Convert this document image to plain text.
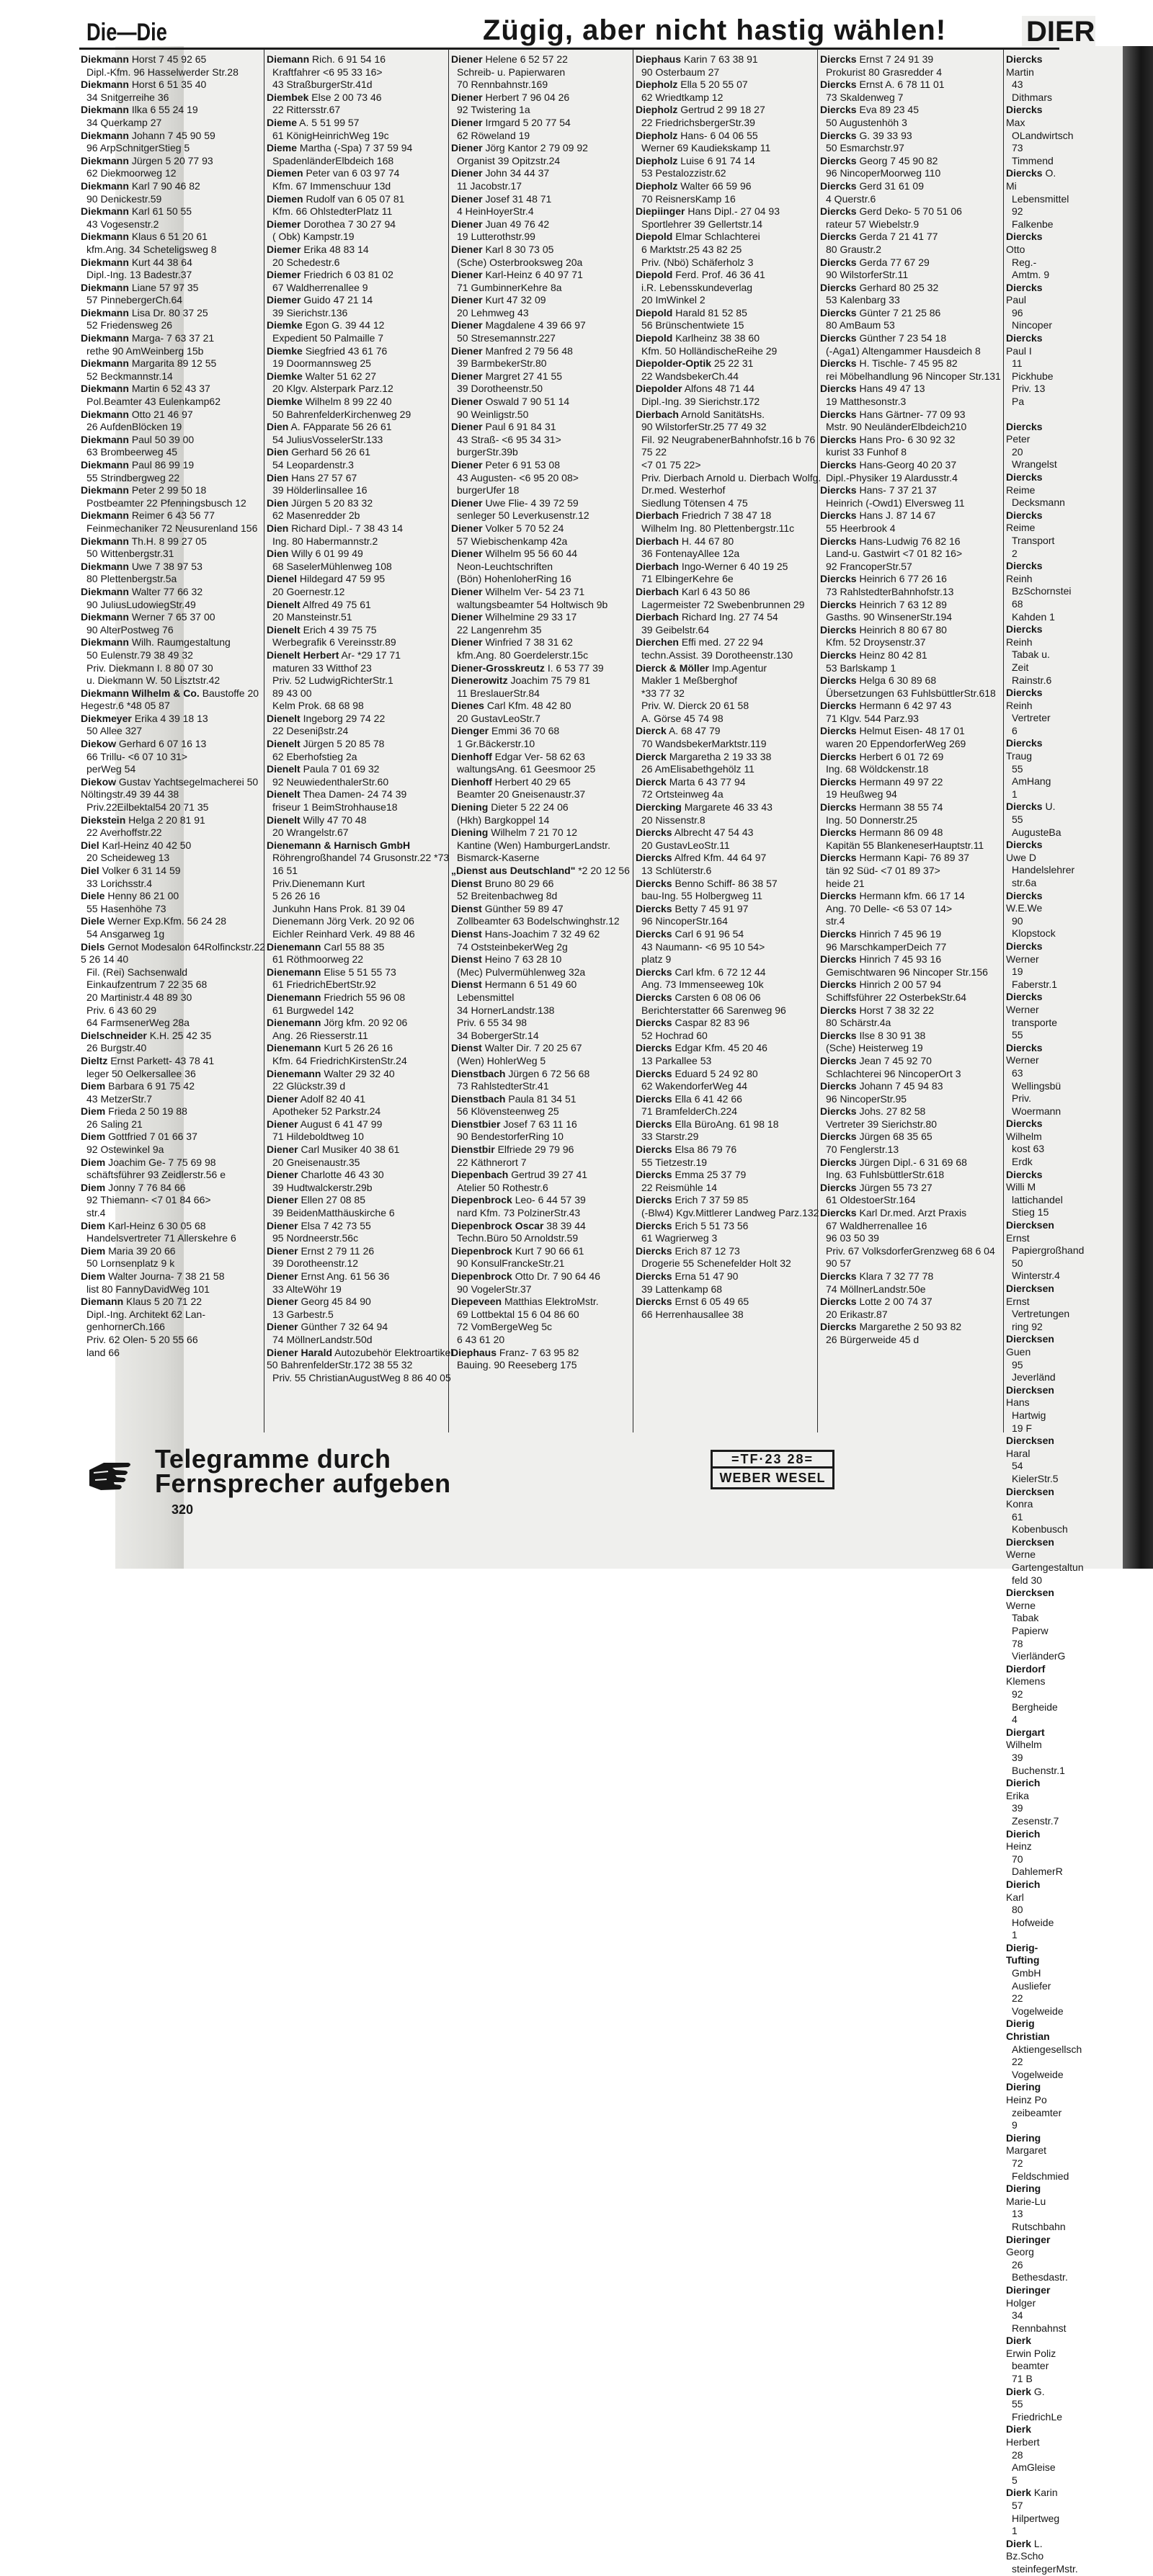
Die—Die	Zügig, aber nicht hastig wählen!	DIER
Diekmann Horst 7 45 92 65
Dipl.-Kfm. 96 Hasselwerder Str.28
Diekmann Horst 6 51 35 40
34 Snitgerreihe 36
Diekmann Ilka 6 55 24 19
34 Querkamp 27
Diekmann Johann 7 45 90 59
96 ArpSchnitgerStieg 5
Diekmann Jürgen 5 20 77 93
62 Diekmoorweg 12
Diekmann Karl 7 90 46 82
90 Denickestr.59
Diekmann Karl 61 50 55
43 Vogesenstr.2
Diekmann Klaus 6 51 20 61
kfm.Ang. 34 Scheteligsweg 8
Diekmann Kurt 44 38 64
Dipl.-Ing. 13 Badestr.37
Diekmann Liane 57 97 35
57 PinnebergerCh.64
Diekmann Lisa Dr. 80 37 25
52 Friedensweg 26
Diekmann Marga- 7 63 37 21
rethe 90 AmWeinberg 15b
Diekmann Margarita 89 12 55
52 Beckmannstr.14
Diekmann Martin 6 52 43 37
Pol.Beamter 43 Eulenkamp62
Diekmann Otto 21 46 97
26 AufdenBlöcken 19
Diekmann Paul 50 39 00
63 Brombeerweg 45
Diekmann Paul 86 99 19
55 Strindbergweg 22
Diekmann Peter 2 99 50 18
Postbeamter 22 Pfenningsbusch 12
Diekmann Reimer 6 43 56 77
Feinmechaniker 72 Neusurenland 156
Diekmann Th.H. 8 99 27 05
50 Wittenbergstr.31
Diekmann Uwe 7 38 97 53
80 Plettenbergstr.5a
Diekmann Walter 77 66 32
90 JuliusLudowiegStr.49
Diekmann Werner 7 65 37 00
90 AlterPostweg 76
Diekmann Wilh. Raumgestaltung
50 Eulenstr.79 38 49 32
Priv. Diekmann I. 8 80 07 30
u. Diekmann W. 50 Lisztstr.42
Diekmann Wilhelm & Co. Baustoffe 20 Hegestr.6 *48 05 87
Diekmeyer Erika 4 39 18 13
50 Allee 327
Diekow Gerhard 6 07 16 13
66 Trillu- <6 07 10 31>
perWeg 54
Diekow Gustav Yachtsegelmacherei 50 Nöltingstr.49 39 44 38
Priv.22Eilbektal54 20 71 35
Diekstein Helga 2 20 81 91
22 Averhoffstr.22
Diel Karl-Heinz 40 42 50
20 Scheideweg 13
Diel Volker 6 31 14 59
33 Lorichsstr.4
Diele Henny 86 21 00
55 Hasenhöhe 73
Diele Werner Exp.Kfm. 56 24 28
54 Ansgarweg 1g
Diels Gernot Modesalon 64Rolfinckstr.22 5 26 14 40
Fil. (Rei) Sachsenwald
Einkaufzentrum 7 22 35 68
20 Martinistr.4 48 89 30
Priv. 6 43 60 29
64 FarmsenerWeg 28a
Dielschneider K.H. 25 42 35
26 Burgstr.40
Dieltz Ernst Parkett- 43 78 41
leger 50 Oelkersallee 36
Diem Barbara 6 91 75 42
43 MetzerStr.7
Diem Frieda 2 50 19 88
26 Saling 21
Diem Gottfried 7 01 66 37
92 Ostewinkel 9a
Diem Joachim Ge- 7 75 69 98
schäftsführer 93 Zeidlerstr.56 e
Diem Jonny 7 76 84 66
92 Thiemann- <7 01 84 66>
str.4
Diem Karl-Heinz 6 30 05 68
Handelsvertreter 71 Allerskehre 6
Diem Maria 39 20 66
50 Lornsenplatz 9 k
Diem Walter Journa- 7 38 21 58
list 80 FannyDavidWeg 101
Diemann Klaus 5 20 71 22
Dipl.-Ing. Architekt 62 LangenhornerCh.166
Priv. 62 Olen- 5 20 55 66
land 66
Diemann Rich. 6 91 54 16
Kraftfahrer <6 95 33 16>
43 StraßburgerStr.41d
Diembek Else 2 00 73 46
22 Rittersstr.67
Dieme A. 5 51 99 57
61 KönigHeinrichWeg 19c
Dieme Martha (-Spa) 7 37 59 94
SpadenländerElbdeich 168
Diemen Peter van 6 03 97 74
Kfm. 67 Immenschuur 13d
Diemen Rudolf van 6 05 07 81
Kfm. 66 OhlstedterPlatz 11
Diemer Dorothea 7 30 27 94
( Obk) Kampstr.19
Diemer Erika 48 83 14
20 Schedestr.6
Diemer Friedrich 6 03 81 02
67 Waldherrenallee 9
Diemer Guido 47 21 14
39 Sierichstr.136
Diemke Egon G. 39 44 12
Expedient 50 Palmaille 7
Diemke Siegfried 43 61 76
19 Doormannsweg 25
Diemke Walter 51 62 27
20 Klgv. Alsterpark Parz.12
Diemke Wilhelm 8 99 22 40
50 BahrenfelderKirchenweg 29
Dien A. FApparate 56 26 61
54 JuliusVosselerStr.133
Dien Gerhard 56 26 61
54 Leopardenstr.3
Dien Hans 27 57 67
39 HölderlinsalIee 16
Dien Jürgen 5 20 83 32
62 Masenredder 2b
Dien Richard Dipl.- 7 38 43 14
Ing. 80 Habermannstr.2
Dien Willy 6 01 99 49
68 SaselerMühlenweg 108
Dienel Hildegard 47 59 95
20 Goernestr.12
Dienelt Alfred 49 75 61
20 Mansteinstr.51
Dienelt Erich 4 39 75 75
Werbegrafik 6 Vereinsstr.89
Dienelt Herbert Ar- *29 17 71
maturen 33 Witthof 23
Priv. 52 LudwigRichterStr.1
89 43 00
Kelm Prok. 68 68 98
Dienelt Ingeborg 29 74 22
22 Deseniβstr.24
Dienelt Jürgen 5 20 85 78
62 Eberhofstieg 2a
Dienelt Paula 7 01 69 32
92 NeuwiedenthalerStr.60
Dienelt Thea Damen- 24 74 39
friseur 1 BeimStrohhause18
Dienelt Willy 47 70 48
20 Wrangelstr.67
Dienemann & Harnisch GmbH
Röhrengroßhandel 74 Grusonstr.22 *73 16 51
Priv.Dienemann Kurt
5 26 26 16
Junkuhn Hans Prok. 81 39 04
Dienemann Jörg Verk. 20 92 06
Eichler Reinhard Verk. 49 88 46
Dienemann Carl 55 88 35
61 Röthmoorweg 22
Dienemann Elise 5 51 55 73
61 FriedrichEbertStr.92
Dienemann Friedrich 55 96 08
61 Burgwedel 142
Dienemann Jörg kfm. 20 92 06
Ang. 26 Riesserstr.11
Dienemann Kurt 5 26 26 16
Kfm. 64 FriedrichKirstenStr.24
Dienemann Walter 29 32 40
22 Glückstr.39 d
Diener Adolf 82 40 41
Apotheker 52 Parkstr.24
Diener August 6 41 47 99
71 Hildeboldtweg 10
Diener Carl Musiker 40 38 61
20 Gneisenaustr.35
Diener Charlotte 46 43 30
39 Hudtwalckerstr.29b
Diener Ellen 27 08 85
39 BeidenMatthäuskirche 6
Diener Elsa 7 42 73 55
95 Nordneerstr.56c
Diener Ernst 2 79 11 26
39 Dorotheenstr.12
Diener Ernst Ang. 61 56 36
33 AlteWöhr 19
Diener Georg 45 84 90
13 Garbestr.5
Diener Günther 7 32 64 94
74 MöllnerLandstr.50d
Diener Harald Autozubehör Elektroartikel 50 BahrenfelderStr.172 38 55 32
Priv. 55 ChristianAugustWeg 8 86 40 05
Diener Helene 6 52 57 22
Schreib- u. Papierwaren
70 Rennbahnstr.169
Diener Herbert 7 96 04 26
92 Twistering 1a
Diener Irmgard 5 20 77 54
62 Röweland 19
Diener Jörg Kantor 2 79 09 92
Organist 39 Opitzstr.24
Diener John 34 44 37
11 Jacobstr.17
Diener Josef 31 48 71
4 HeinHoyerStr.4
Diener Juan 49 76 42
19 Lutterothstr.99
Diener Karl 8 30 73 05
(Sche) Osterbrooksweg 20a
Diener Karl-Heinz 6 40 97 71
71 GumbinnerKehre 8a
Diener Kurt 47 32 09
20 Lehmweg 43
Diener Magdalene 4 39 66 97
50 Stresemannstr.227
Diener Manfred 2 79 56 48
39 BarmbekerStr.80
Diener Margret 27 41 55
39 Dorotheenstr.50
Diener Oswald 7 90 51 14
90 Weinligstr.50
Diener Paul 6 91 84 31
43 Straß- <6 95 34 31>
burgerStr.39b
Diener Peter 6 91 53 08
43 Augusten- <6 95 20 08>
burgerUfer 18
Diener Uwe Flie- 4 39 72 59
senleger 50 Leverkusenstr.12
Diener Volker 5 70 52 24
57 Wiebischenkamp 42a
Diener Wilhelm 95 56 60 44
Neon-Leuchtschriften
(Bön) HohenloherRing 16
Diener Wilhelm Ver- 54 23 71
waltungsbeamter 54 Holtwisch 9b
Diener Wilhelmine 29 33 17
22 Langenrehm 35
Diener Winfried 7 38 31 62
kfm.Ang. 80 Goerdelerstr.15c
Diener-Grosskreutz I. 6 53 77 39
Dienerowitz Joachim 75 79 81
11 BreslauerStr.84
Dienes Carl Kfm. 48 42 80
20 GustavLeoStr.7
Dienger Emmi 36 70 68
1 Gr.Bäckerstr.10
Dienhoff Edgar Ver- 58 62 63
waltungsAng. 61 Geesmoor 25
Dienhoff Herbert 40 29 65
Beamter 20 Gneisenaustr.37
Diening Dieter 5 22 24 06
(Hkh) Bargkoppel 14
Diening Wilhelm 7 21 70 12
Kantine (Wen) HamburgerLandstr. Bismarck-Kaserne
„Dienst aus Deutschland" *2 20 12 56
Dienst Bruno 80 29 66
52 Breitenbachweg 8d
Dienst Günther 59 89 47
Zollbeamter 63 Bodelschwinghstr.12
Dienst Hans-Joachim 7 32 49 62
74 OststeinbekerWeg 2g
Dienst Heino 7 63 28 10
(Mec) Pulvermühlenweg 32a
Dienst Hermann 6 51 49 60
Lebensmittel
34 HornerLandstr.138
Priv. 6 55 34 98
34 BobergerStr.14
Dienst Walter Dir. 7 20 25 67
(Wen) HohlerWeg 5
Dienstbach Jürgen 6 72 56 68
73 RahlstedterStr.41
Dienstbach Paula 81 34 51
56 Klövensteenweg 25
Dienstbier Josef 7 63 11 16
90 BendestorferRing 10
Dienstbir Elfriede 29 79 96
22 Käthnerort 7
Diepenbach Gertrud 39 27 41
Atelier 50 Rothestr.6
Diepenbrock Leo- 6 44 57 39
nard Kfm. 73 PolzinerStr.43
Diepenbrock Oscar 38 39 44
Techn.Büro 50 Arnoldstr.59
Diepenbrock Kurt 7 90 66 61
90 KonsulFranckeStr.21
Diepenbrock Otto Dr. 7 90 64 46
90 VogelerStr.37
Diepeveen Matthias ElektroMstr.
69 Lottbektal 15 6 04 86 60
72 VomBergeWeg 5c
6 43 61 20
Diephaus Franz- 7 63 95 82
Bauing. 90 Reeseberg 175
Diephaus Karin 7 63 38 91
90 Osterbaum 27
Diepholz Ella 5 20 55 07
62 Wriedtkamp 12
Diepholz Gertrud 2 99 18 27
22 FriedrichsbergerStr.39
Diepholz Hans- 6 04 06 55
Werner 69 Kaudiekskamp 11
Diepholz Luise 6 91 74 14
53 Pestalozzistr.62
Diepholz Walter 66 59 96
70 ReisnersKamp 16
Diepiinger Hans Dipl.- 27 04 93
Sportlehrer 39 Gellertstr.14
Diepold Elmar Schlachterei
6 Marktstr.25 43 82 25
Priv. (Nbö) Schäferholz 3
Diepold Ferd. Prof. 46 36 41
i.R. Lebensskundeverlag
20 ImWinkel 2
Diepold Harald 81 52 85
56 Brünschentwiete 15
Diepold Karlheinz 38 38 60
Kfm. 50 HolländischeReihe 29
Diepolder-Optik 25 22 31
22 WandsbekerCh.44
Diepolder Alfons 48 71 44
Dipl.-Ing. 39 Sierichstr.172
Dierbach Arnold SanitätsHs.
90 WilstorferStr.25 77 49 32
Fil. 92 NeugrabenerBahnhofstr.16 b 76 75 22
<7 01 75 22>
Priv. Dierbach Arnold u. Dierbach Wolfg. Dr.med. Westerhof
Siedlung Tötensen 4 75
Dierbach Friedrich 7 38 47 18
Wilhelm Ing. 80 Plettenbergstr.11c
Dierbach H. 44 67 80
36 FontenayAllee 12a
Dierbach Ingo-Werner 6 40 19 25
71 ElbingerKehre 6e
Dierbach Karl 6 43 50 86
Lagermeister 72 Swebenbrunnen 29
Dierbach Richard Ing. 27 74 54
39 Geibelstr.64
Dierchen Effi med. 27 22 94
techn.Assist. 39 Dorotheenstr.130
Dierck & Möller Imp.Agentur
Makler 1 Meßberghof
*33 77 32
Priv. W. Dierck 20 61 58
A. Görse 45 74 98
Dierck A. 68 47 79
70 WandsbekerMarktstr.119
Dierck Margaretha 2 19 33 38
26 AmElisabethgehölz 11
Dierck Marta 6 43 77 94
72 Ortsteinweg 4a
Diercking Margarete 46 33 43
20 Nissenstr.8
Diercks Albrecht 47 54 43
20 GustavLeoStr.11
Diercks Alfred Kfm. 44 64 97
13 Schlüterstr.6
Diercks Benno Schiff- 86 38 57
bau-Ing. 55 Holbergweg 11
Diercks Betty 7 45 91 97
96 NincoperStr.164
Diercks Carl 6 91 96 54
43 Naumann- <6 95 10 54>
platz 9
Diercks Carl kfm. 6 72 12 44
Ang. 73 Immenseeweg 10k
Diercks Carsten 6 08 06 06
Berichterstatter 66 Sarenweg 96
Diercks Caspar 82 83 96
52 Hochrad 60
Diercks Edgar Kfm. 45 20 46
13 Parkallee 53
Diercks Eduard 5 24 92 80
62 WakendorferWeg 44
Diercks Ella 6 41 42 66
71 BramfelderCh.224
Diercks Ella BüroAng. 61 98 18
33 Starstr.29
Diercks Elsa 86 79 76
55 Tietzestr.19
Diercks Emma 25 37 79
22 Reismühle 14
Diercks Erich 7 37 59 85
(-Blw4) Kgv.Mittlerer Landweg Parz.132
Diercks Erich 5 51 73 56
61 Wagrierweg 3
Diercks Erich 87 12 73
Drogerie 55 Schenefelder Holt 32
Diercks Erna 51 47 90
39 Lattenkamp 68
Diercks Ernst 6 05 49 65
66 Herrenhausallee 38
Diercks Ernst 7 24 91 39
Prokurist 80 Grasredder 4
Diercks Ernst A. 6 78 11 01
73 Skaldenweg 7
Diercks Eva 89 23 45
50 Augustenhöh 3
Diercks G. 39 33 93
50 Esmarchstr.97
Diercks Georg 7 45 90 82
96 NincoperMoorweg 110
Diercks Gerd 31 61 09
4 Querstr.6
Diercks Gerd Deko- 5 70 51 06
rateur 57 Wiebelstr.9
Diercks Gerda 7 21 41 77
80 Graustr.2
Diercks Gerda 77 67 29
90 WilstorferStr.11
Diercks Gerhard 80 25 32
53 Kalenbarg 33
Diercks Günter 7 21 25 86
80 AmBaum 53
Diercks Günther 7 23 54 18
(-Aga1) Altengammer Hausdeich 8
Diercks H. Tischle- 7 45 95 82
rei Möbelhandlung 96 Nincoper Str.131
Diercks Hans 49 47 13
19 Matthesonstr.3
Diercks Hans Gärtner- 77 09 93
Mstr. 90 NeuländerElbdeich210
Diercks Hans Pro- 6 30 92 32
kurist 33 Funhof 8
Diercks Hans-Georg 40 20 37
Dipl.-Physiker 19 Alardusstr.4
Diercks Hans- 7 37 21 37
Heinrich (-Owd1) Elversweg 11
Diercks Hans J. 87 14 67
55 Heerbrook 4
Diercks Hans-Ludwig 76 82 16
Land-u. Gastwirt <7 01 82 16>
92 FrancoperStr.57
Diercks Heinrich 6 77 26 16
73 RahlstedterBahnhofstr.13
Diercks Heinrich 7 63 12 89
Gasths. 90 WinsenerStr.194
Diercks Heinrich 8 80 67 80
Kfm. 52 Droysenstr.37
Diercks Heinz 80 42 81
53 Barlskamp 1
Diercks Helga 6 30 89 68
Übersetzungen 63 FuhlsbüttlerStr.618
Diercks Hermann 6 42 97 43
71 Klgv. 544 Parz.93
Diercks Helmut Eisen- 48 17 01
waren 20 EppendorferWeg 269
Diercks Herbert 6 01 72 69
Ing. 68 Wöldckenstr.18
Diercks Hermann 49 97 22
19 Heußweg 94
Diercks Hermann 38 55 74
Ing. 50 Donnerstr.25
Diercks Hermann 86 09 48
Kapitän 55 BlankeneserHauptstr.11
Diercks Hermann Kapi- 76 89 37
tän 92 Süd- <7 01 89 37>
heide 21
Diercks Hermann kfm. 66 17 14
Ang. 70 Delle- <6 53 07 14>
str.4
Diercks Hinrich 7 45 96 19
96 MarschkamperDeich 77
Diercks Hinrich 7 45 93 16
Gemischtwaren 96 Nincoper Str.156
Diercks Hinrich 2 00 57 94
Schiffsführer 22 OsterbekStr.64
Diercks Horst 7 38 32 22
80 Schärstr.4a
Diercks Ilse 8 30 91 38
(Sche) Heisterweg 19
Diercks Jean 7 45 92 70
Schlachterei 96 NincoperOrt 3
Diercks Johann 7 45 94 83
96 NincoperStr.95
Diercks Johs. 27 82 58
Vertreter 39 Sierichstr.80
Diercks Jürgen 68 35 65
70 Fenglerstr.13
Diercks Jürgen Dipl.- 6 31 69 68
Ing. 63 FuhlsbüttlerStr.618
Diercks Jürgen 55 73 27
61 OldestoerStr.164
Diercks Karl Dr.med. Arzt Praxis
67 Waldherrenallee 16
96 03 50 39
Priv. 67 VolksdorferGrenzweg 68 6 04 90 57
Diercks Klara 7 32 77 78
74 MöllnerLandstr.50e
Diercks Lotte 2 00 74 37
20 Erikastr.87
Diercks Margarethe 2 50 93 82
26 Bürgerweide 45 d
Diercks Martin
43 Dithmars
Diercks Max
OLandwirtsch
73 Timmend
Diercks O. Mi
Lebensmittel
92 Falkenbe
Diercks Otto
Reg.-Amtm. 9
Diercks Paul
96 Nincoper
Diercks Paul I
11 Pickhube
Priv. 13 Pa
Diercks Peter
20 Wrangelst
Diercks Reime
Decksmann
Diercks Reime
Transport 2
Diercks Reinh
BzSchornstei
68 Kahden 1
Diercks Reinh
Tabak u. Zeit
Rainstr.6
Diercks Reinh
Vertreter 6
Diercks Traug
55 AmHang 1
Diercks U.
55 AugusteBa
Diercks Uwe D
Handelslehrer
str.6a
Diercks W.E.We
90 Klopstock
Diercks Werner
19 Faberstr.1
Diercks Werner
transporte 55
Diercks Werner
63 Wellingsbü
Priv. Woermann
Diercks Wilhelm
kost 63 Erdk
Diercks Willi M
lattichandel
Stieg 15
Diercksen Ernst
Papiergroßhand
50 Winterstr.4
Diercksen Ernst
Vertretungen
ring 92
Diercksen Guen
95 Jeverländ
Diercksen Hans
Hartwig 19 F
Diercksen Haral
54 KielerStr.5
Diercksen Konra
61 Kobenbusch
Diercksen Werne
Gartengestaltun
feld 30
Diercksen Werne
Tabak Papierw
78 VierländerG
Dierdorf Klemens
92 Bergheide 4
Diergart Wilhelm
39 Buchenstr.1
Dierich Erika
39 Zesenstr.7
Dierich Heinz
70 DahlemerR
Dierich Karl
80 Hofweide 1
Dierig-Tufting
GmbH Ausliefer
22 Vogelweide
Dierig Christian
Aktiengesellsch
22 Vogelweide
Diering Heinz Po
zeibeamter 9
Diering Margaret
72 Feldschmied
Diering Marie-Lu
13 Rutschbahn
Dieringer Georg
26 Bethesdastr.
Dieringer Holger
34 Rennbahnst
Dierk Erwin Poliz
beamter 71 B
Dierk G.
55 FriedrichLe
Dierk Herbert
28 AmGleise 5
Dierk Karin
57 Hilpertweg 1
Dierk L. Bz.Scho
steinfegerMstr.
Telegramme durch
Fernsprecher aufgeben
=TF·23 28=
WEBER WESEL
320
